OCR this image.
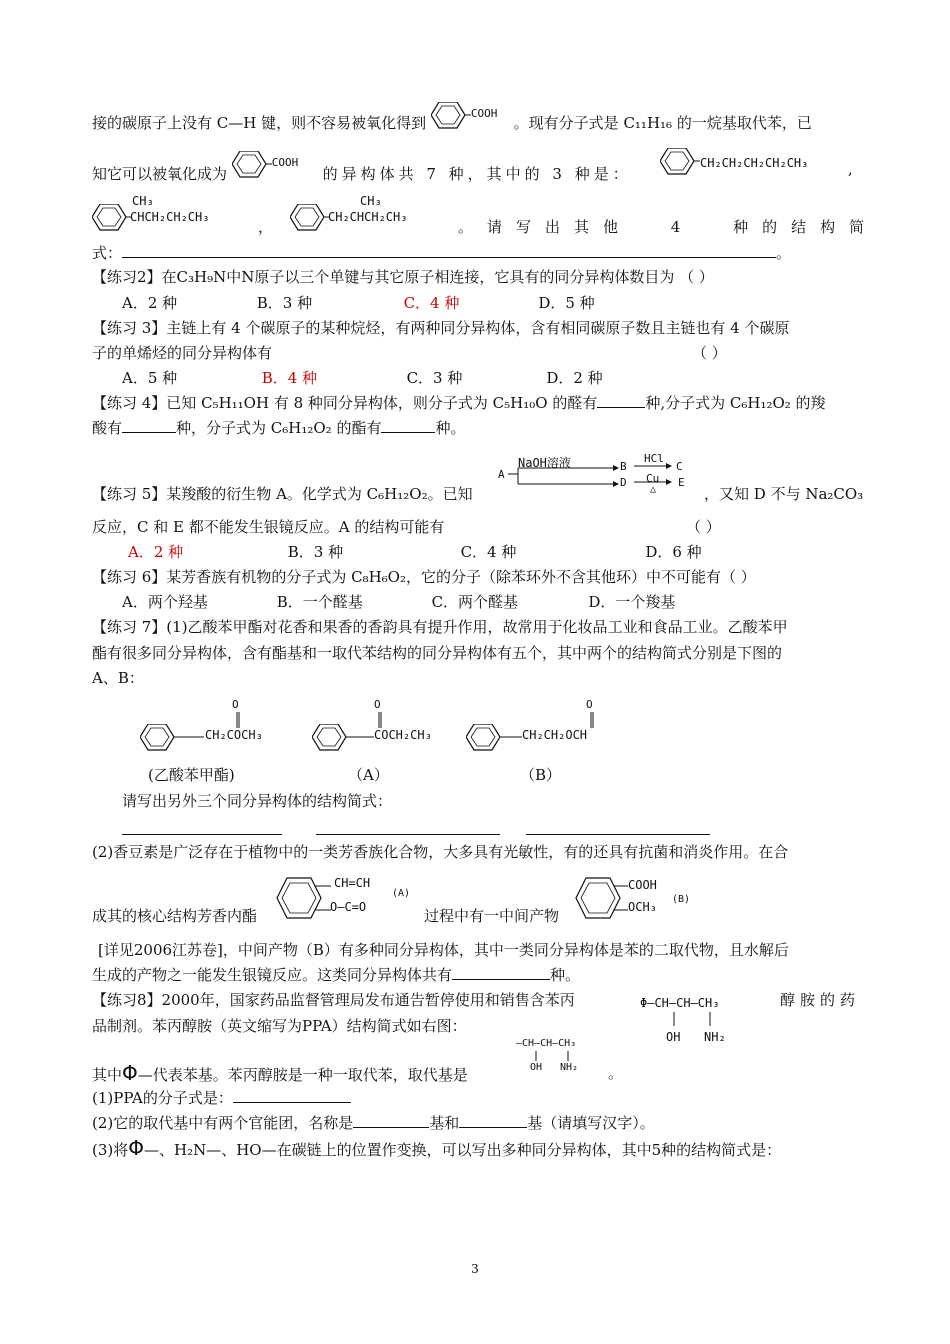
接的碳原子上没有 C—H 键，则不容易被氧化得到
COOH
。现有分子式是 C₁₁H₁₆ 的一烷基取代苯，已
知它可以被氧化成为
COOH
的异构体共 7 种，其中的 3 种是：
CH₂CH₂CH₂CH₂CH₃	,
CH₃
CHCH₂CH₂CH₃
，
CH₃
CH₂CHCH₂CH₃
。请写出其他 4 种的结构简
式：	。
【练习2】在C₃H₉N中N原子以三个单键与其它原子相连接，它具有的同分异构体数目为 （ ）
A．2 种	B．3 种	C．4 种	D．5 种
【练习 3】主链上有 4 个碳原子的某种烷烃，有两种同分异构体，含有相同碳原子数且主链也有 4 个碳原
子的单烯烃的同分异构体有	（ ）
A．5 种	B．4 种	C．3 种	D．2 种
【练习 4】已知 C₅H₁₁OH 有 8 种同分异构体，则分子式为 C₅H₁₀O 的醛有	种,分子式为 C₆H₁₂O₂ 的羧
酸有	种，分子式为 C₆H₁₂O₂ 的酯有	种。
A
NaOH溶液	B
D
HCl
Cu
△
C
E
【练习 5】某羧酸的衍生物 A。化学式为 C₆H₁₂O₂。已知	，又知 D 不与 Na₂CO₃
反应，C 和 E 都不能发生银镜反应。A 的结构可能有	（ ）
A．2 种	B．3 种	C．4 种	D．6 种
【练习 6】某芳香族有机物的分子式为 C₈H₆O₂，它的分子（除苯环外不含其他环）中不可能有（ ）
A．两个羟基	B．一个醛基	C．两个醛基	D．一个羧基
【练习 7】(1)乙酸苯甲酯对花香和果香的香韵具有提升作用，故常用于化妆品工业和食品工业。乙酸苯甲
酯有很多同分异构体，含有酯基和一取代苯结构的同分异构体有五个，其中两个的结构简式分别是下图的
A、B：
CH₂COCH₃
O
COCH₂CH₃
O
CH₂CH₂OCH
O
(乙酸苯甲酯)	（A）	（B）
请写出另外三个同分异构体的结构简式：
(2)香豆素是广泛存在于植物中的一类芳香族化合物，大多具有光敏性，有的还具有抗菌和消炎作用。在合
成其的核心结构芳香内酯	过程中有一中间产物
CH=CH
O—C=O
(A)
COOH
OCH₃
(B)
[详见2006江苏卷]，中间产物（B）有多种同分异构体，其中一类同分异构体是苯的二取代物，且水解后
生成的产物之一能发生银镜反应。这类同分异构体共有	种。
【练习8】2000年，国家药品监督管理局发布通告暂停使用和销售含苯丙	醇胺的药
品制剂。苯丙醇胺（英文缩写为PPA）结构简式如右图：
Φ—CH—CH—CH₃
OH NH₂
—CH—CH—CH₃
OH NH₂
其中Φ—代表苯基。苯丙醇胺是一种一取代苯，取代基是	。
(1)PPA的分子式是：
(2)它的取代基中有两个官能团，名称是	基和	基（请填写汉字）。
(3)将Φ—、H₂N—、HO—在碳链上的位置作变换，可以写出多种同分异构体，其中5种的结构简式是：
3
